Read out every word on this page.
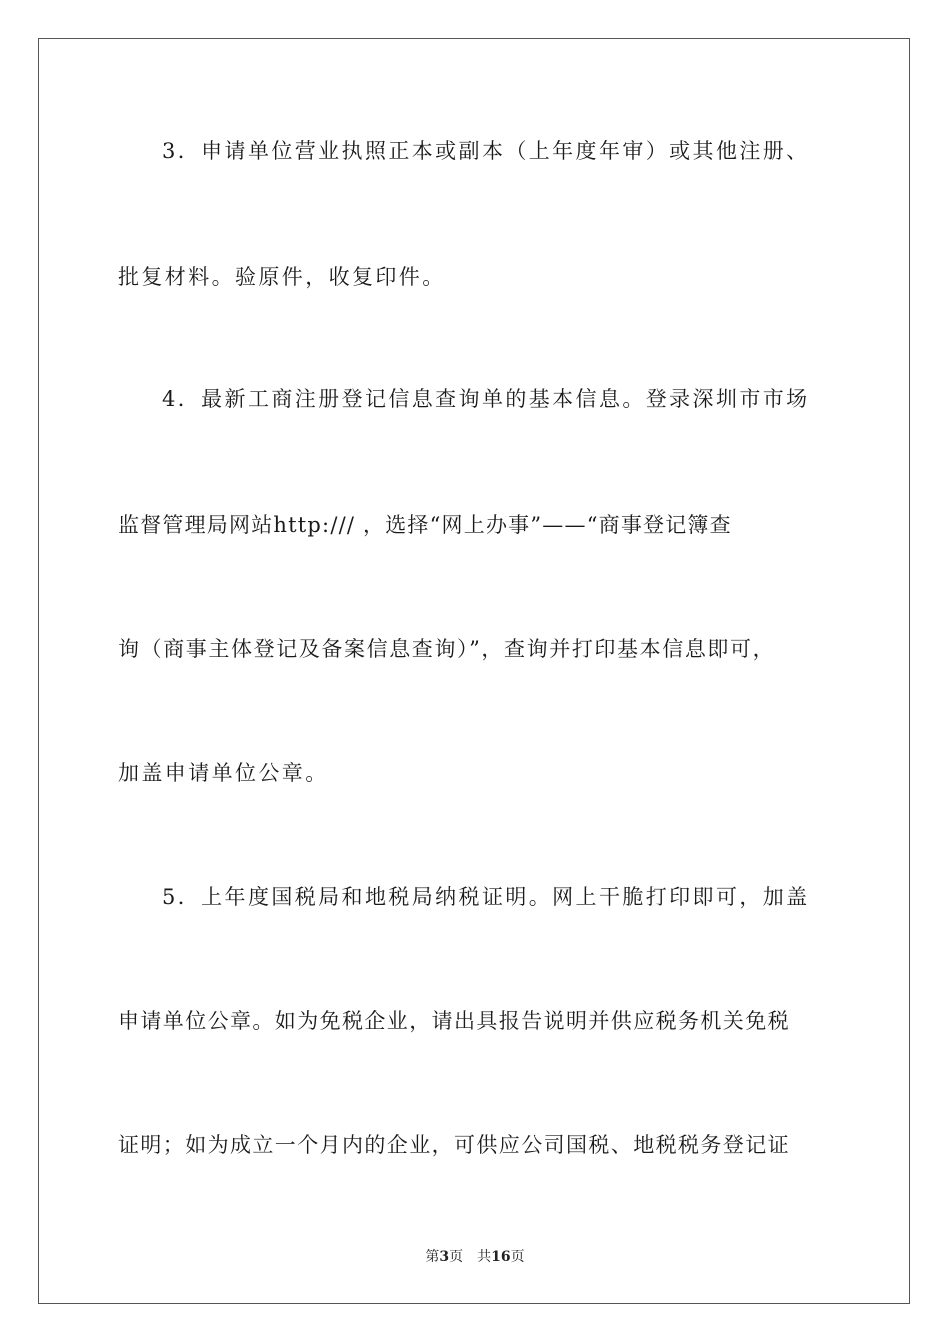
3．申请单位营业执照正本或副本（上年度年审）或其他注册、
批复材料。验原件，收复印件。
4．最新工商注册登记信息查询单的基本信息。登录深圳市市场
监督管理局网站http:/// ，选择“网上办事”——“商事登记簿查
询（商事主体登记及备案信息查询）”，查询并打印基本信息即可，
加盖申请单位公章。
5．上年度国税局和地税局纳税证明。网上干脆打印即可，加盖
申请单位公章。如为免税企业，请出具报告说明并供应税务机关免税
证明；如为成立一个月内的企业，可供应公司国税、地税税务登记证
第3页 共16页
